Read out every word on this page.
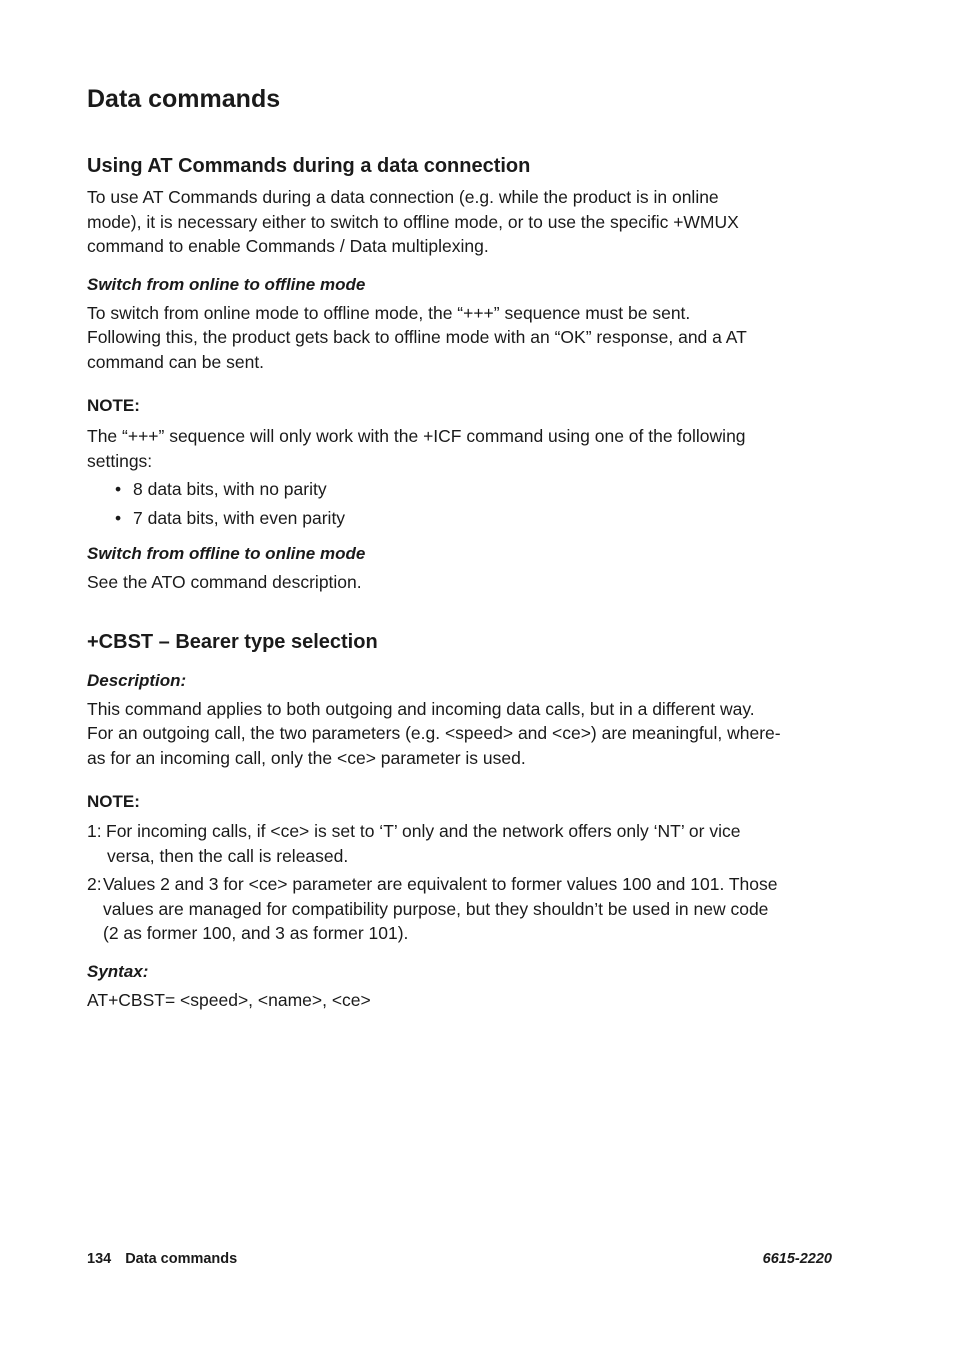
Data commands
Using AT Commands during a data connection
To use AT Commands during a data connection (e.g. while the product is in online
mode), it is necessary either to switch to offline mode, or to use the specific +WMUX
command to enable Commands / Data multiplexing.
Switch from online to offline mode
To switch from online mode to offline mode, the “+++” sequence must be sent.
Following this, the product gets back to offline mode with an “OK” response, and a AT
command can be sent.
NOTE:
The “+++” sequence will only work with the +ICF command using one of the following
settings:
• 8 data bits, with no parity
• 7 data bits, with even parity
Switch from offline to online mode
See the ATO command description.
+CBST – Bearer type selection
Description:
This command applies to both outgoing and incoming data calls, but in a different way.
For an outgoing call, the two parameters (e.g. <speed> and <ce>) are meaningful, where-
as for an incoming call, only the <ce> parameter is used.
NOTE:
1: For incoming calls, if <ce> is set to ‘T’ only and the network offers only ‘NT’ or vice
versa, then the call is released.
2: Values 2 and 3 for <ce> parameter are equivalent to former values 100 and 101. Those
values are managed for compatibility purpose, but they shouldn’t be used in new code
(2 as former 100, and 3 as former 101).
Syntax:
AT+CBST= <speed>, <name>, <ce>
134 Data commands	6615-2220
